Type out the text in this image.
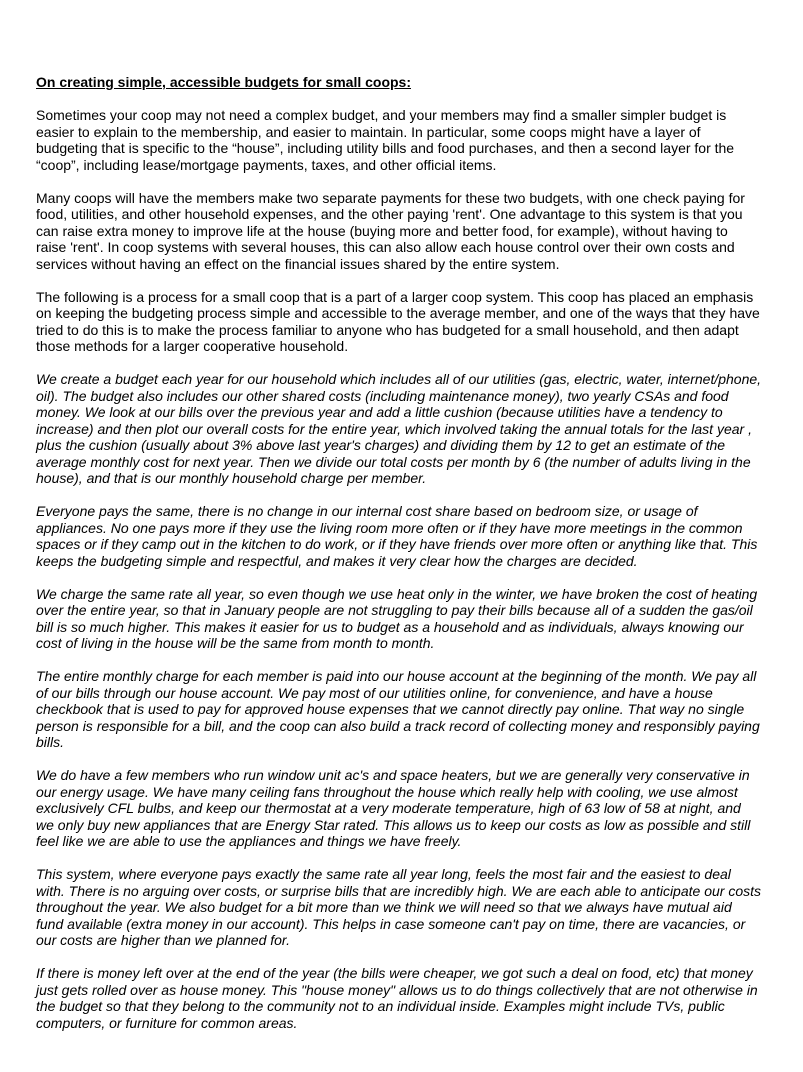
On creating simple, accessible budgets for small coops:

Sometimes your coop may not need a complex budget, and your members may find a smaller simpler budget is easier to explain to the membership, and easier to maintain. In particular, some coops might have a layer of budgeting that is specific to the “house”, including utility bills and food purchases, and then a second layer for the “coop”, including lease/mortgage payments, taxes, and other official items.

Many coops will have the members make two separate payments for these two budgets, with one check paying for food, utilities, and other household expenses, and the other paying 'rent'. One advantage to this system is that you can raise extra money to improve life at the house (buying more and better food, for example), without having to raise 'rent'. In coop systems with several houses, this can also allow each house control over their own costs and services without having an effect on the financial issues shared by the entire system.

The following is a process for a small coop that is a part of a larger coop system. This coop has placed an emphasis on keeping the budgeting process simple and accessible to the average member, and one of the ways that they have tried to do this is to make the process familiar to anyone who has budgeted for a small household, and then adapt those methods for a larger cooperative household.

We create a budget each year for our household which includes all of our utilities (gas, electric, water, internet/phone, oil). The budget also includes our other shared costs (including maintenance money), two yearly CSAs and food money. We look at our bills over the previous year and add a little cushion (because utilities have a tendency to increase) and then plot our overall costs for the entire year, which involved taking the annual totals for the last year , plus the cushion (usually about 3% above last year's charges) and dividing them by 12 to get an estimate of the average monthly cost for next year. Then we divide our total costs per month by 6 (the number of adults living in the house), and that is our monthly household charge per member.

Everyone pays the same, there is no change in our internal cost share based on bedroom size, or usage of appliances. No one pays more if they use the living room more often or if they have more meetings in the common spaces or if they camp out in the kitchen to do work, or if they have friends over more often or anything like that. This keeps the budgeting simple and respectful, and makes it very clear how the charges are decided.

We charge the same rate all year, so even though we use heat only in the winter, we have broken the cost of heating over the entire year, so that in January people are not struggling to pay their bills because all of a sudden the gas/oil bill is so much higher. This makes it easier for us to budget as a household and as individuals, always knowing our cost of living in the house will be the same from month to month.

The entire monthly charge for each member is paid into our house account at the beginning of the month. We pay all of our bills through our house account. We pay most of our utilities online, for convenience, and have a house checkbook that is used to pay for approved house expenses that we cannot directly pay online. That way no single person is responsible for a bill, and the coop can also build a track record of collecting money and responsibly paying bills.

We do have a few members who run window unit ac's and space heaters, but we are generally very conservative in our energy usage. We have many ceiling fans throughout the house which really help with cooling, we use almost exclusively CFL bulbs, and keep our thermostat at a very moderate temperature, high of 63 low of 58 at night, and we only buy new appliances that are Energy Star rated. This allows us to keep our costs as low as possible and still feel like we are able to use the appliances and things we have freely.

This system, where everyone pays exactly the same rate all year long, feels the most fair and the easiest to deal with. There is no arguing over costs, or surprise bills that are incredibly high. We are each able to anticipate our costs throughout the year. We also budget for a bit more than we think we will need so that we always have mutual aid fund available (extra money in our account). This helps in case someone can't pay on time, there are vacancies, or our costs are higher than we planned for.

If there is money left over at the end of the year (the bills were cheaper, we got such a deal on food, etc) that money just gets rolled over as house money. This "house money" allows us to do things collectively that are not otherwise in the budget so that they belong to the community not to an individual inside. Examples might include TVs, public computers, or furniture for common areas.
